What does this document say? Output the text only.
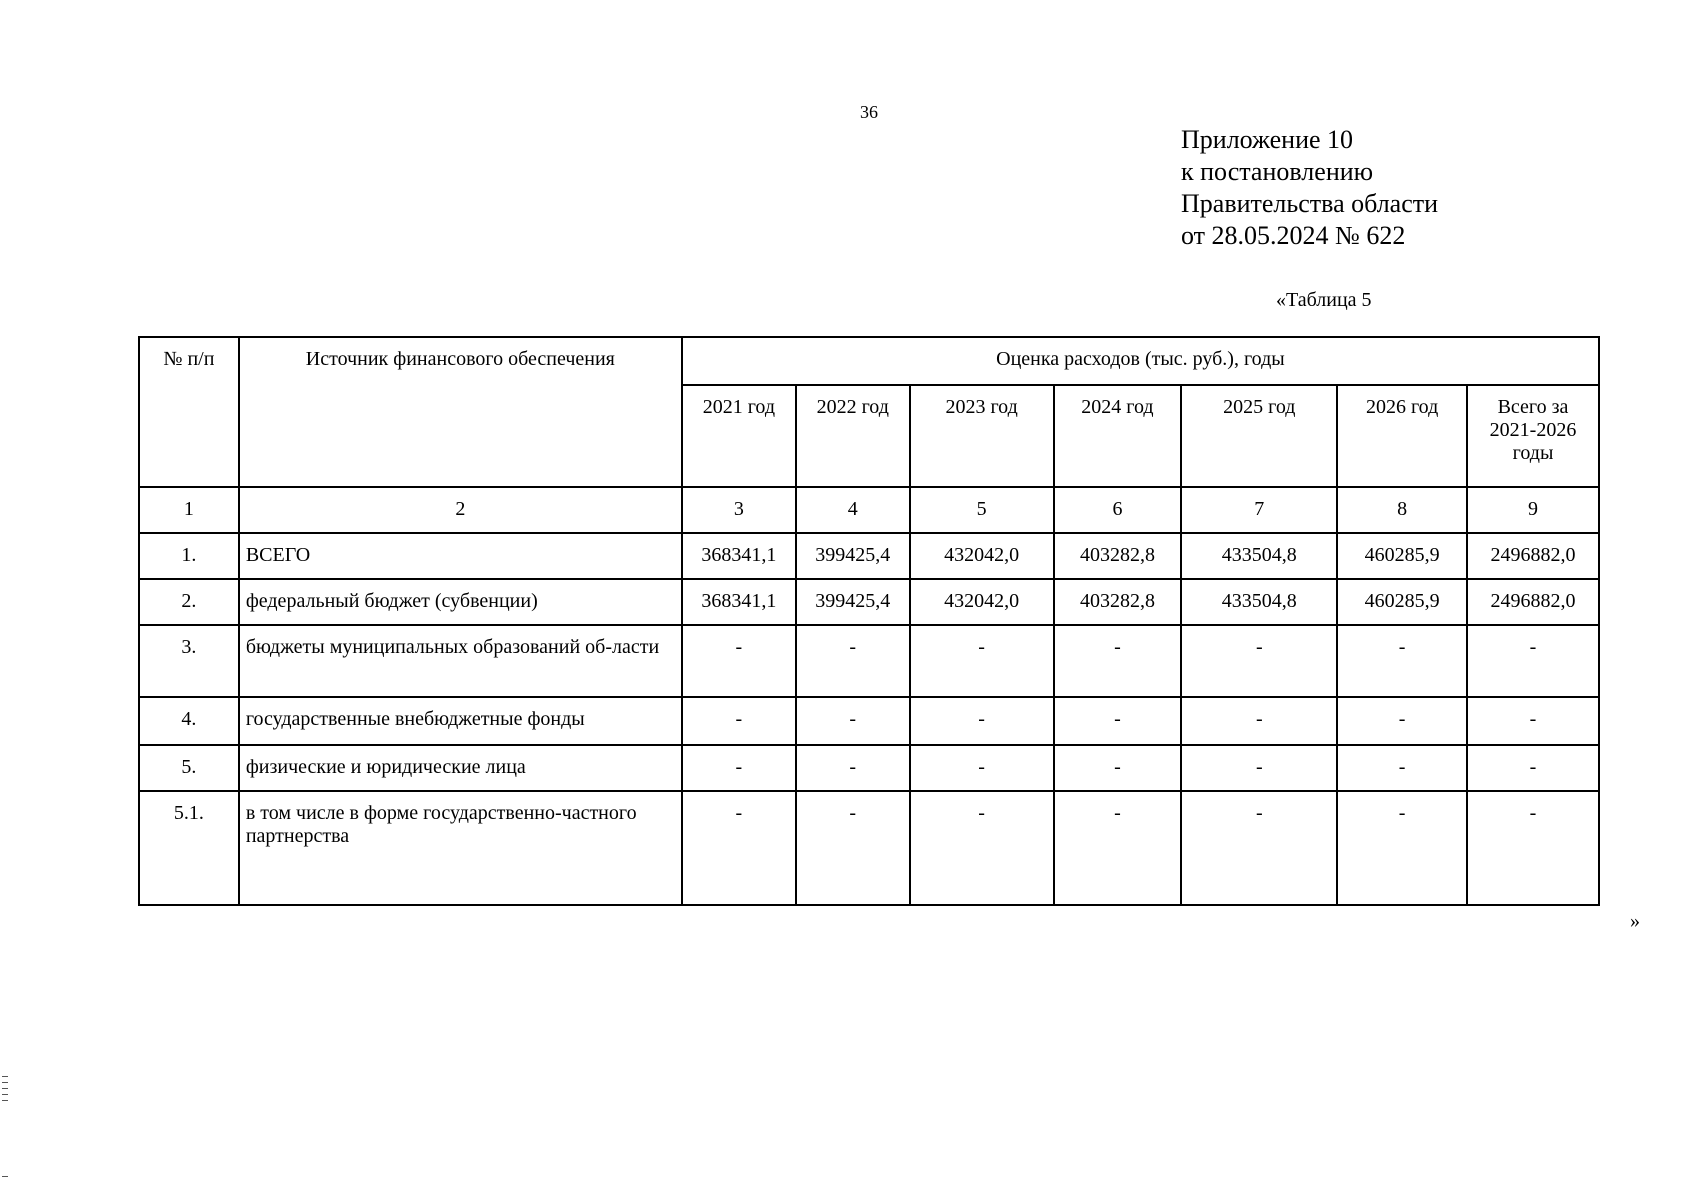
36
Приложение 10
к постановлению
Правительства области
от 28.05.2024 № 622
«Таблица 5
№ п/п	Источник финансового обеспечения	Оценка расходов (тыс. руб.), годы						
		2021 год	2022 год	2023 год	2024 год	2025 год	2026 год	Всего за 2021-2026 годы
1	2	3	4	5	6	7	8	9
1.	ВСЕГО	368341,1	399425,4	432042,0	403282,8	433504,8	460285,9	2496882,0
2.	федеральный бюджет (субвенции)	368341,1	399425,4	432042,0	403282,8	433504,8	460285,9	2496882,0
3.	бюджеты муниципальных образований об-ласти	-	-	-	-	-	-	-
4.	государственные внебюджетные фонды	-	-	-	-	-	-	-
5.	физические и юридические лица	-	-	-	-	-	-	-
5.1.	в том числе в форме государственно-частного партнерства	-	-	-	-	-	-	-
»
